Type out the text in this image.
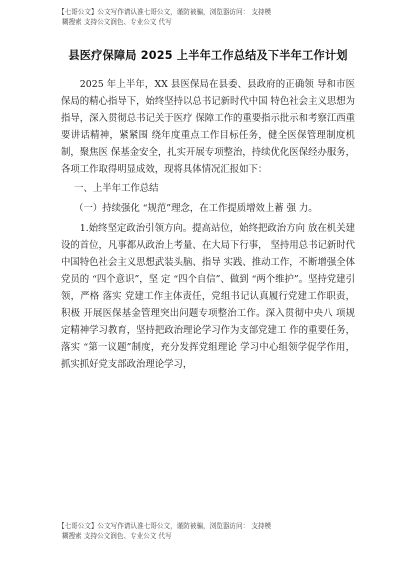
【七哥公文】公文写作请认准七哥公文，谨防被骗，浏览器访问： 支持模
糊搜索 支持公文润色、专业公文 代写
县医疗保障局 2025 上半年工作总结及下半年工作计划

2025 年上半年，XX 县医保局在县委、县政府的正确领 导和市医保局的精心指导下，始终坚持以总书记新时代中国 特色社会主义思想为指导，深入贯彻总书记关于医疗 保障工作的重要指示批示和考察江西重要讲话精神，紧紧围 绕年度重点工作目标任务，健全医保管理制度机制，聚焦医 保基金安全，扎实开展专项整治，持续优化医保经办服务， 各项工作取得明显成效，现将具体情况汇报如下：

一、上半年工作总结

（一）持续强化 “规范”理念，在工作提质增效上蓄 强 力。

1.始终坚定政治引领方向。提高站位，始终把政治方向 放在机关建设的首位，凡事都从政治上考量、在大局下行事， 坚持用总书记新时代中国特色社会主义思想武装头脑、指导 实践、推动工作，不断增强全体党员的 “四个意识”，坚 定 “四个自信”、做到 “两个维护”。坚持党建引领，严格 落实 党建工作主体责任，党组书记认真履行党建工作职责，积极 开展医保基金管理突出问题专项整治工作。深入贯彻中央八 项规定精神学习教育，坚持把政治理论学习作为支部党建工 作的重要任务，落实 “第一议题”制度，充分发挥党组理论 学习中心组领学促学作用，抓实抓好党支部政治理论学习，

【七哥公文】公文写作请认准七哥公文，谨防被骗，浏览器访问： 支持模
糊搜索 支持公文润色、专业公文 代写
